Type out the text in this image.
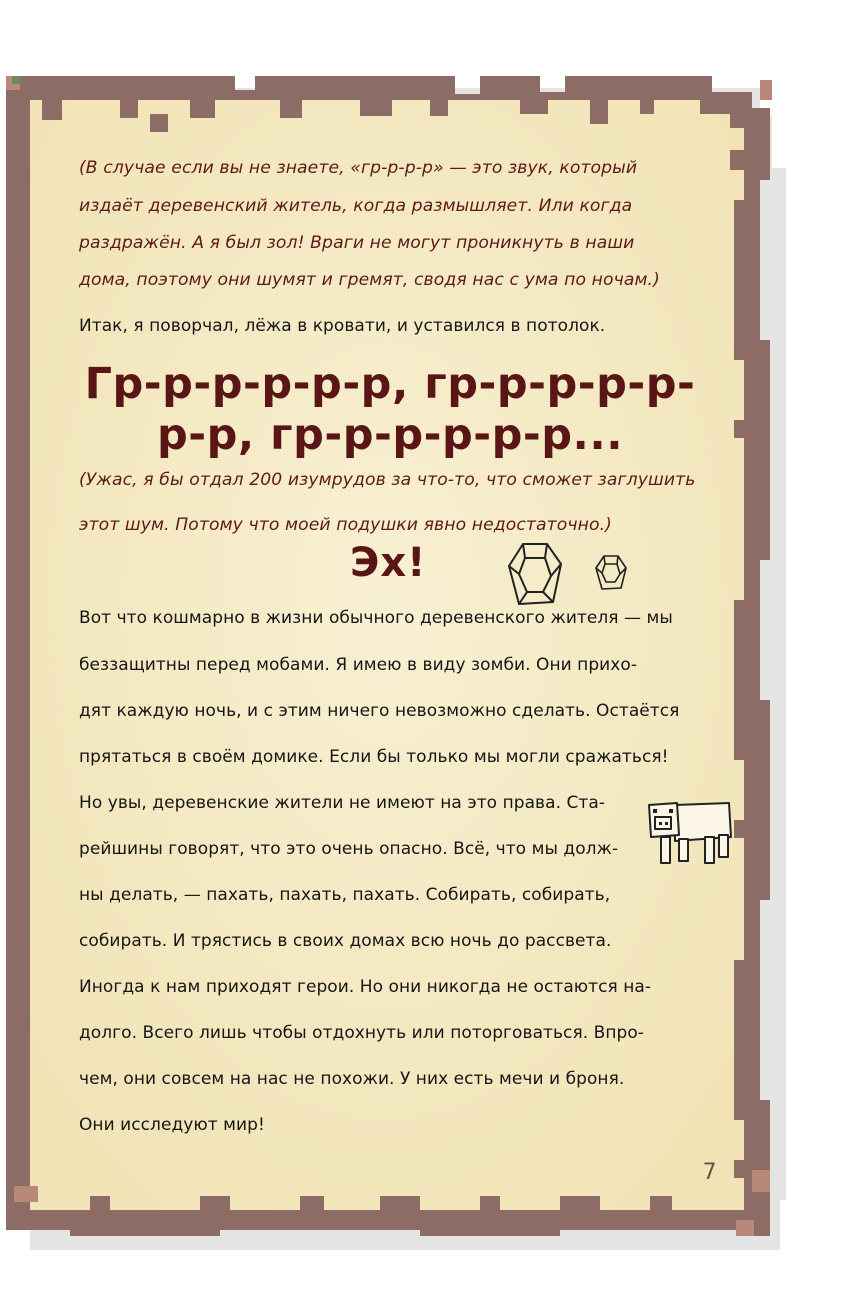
(В случае если вы не знаете, «гр-р-р-р» — это звук, который
издаёт деревенский житель, когда размышляет. Или когда
раздражён. А я был зол! Враги не могут проникнуть в наши
дома, поэтому они шумят и гремят, сводя нас с ума по ночам.)
Итак, я поворчал, лёжа в кровати, и уставился в потолок.
Гр-р-р-р-р-р, гр-р-р-р-р-
р-р, гр-р-р-р-р-р...
(Ужас, я бы отдал 200 изумрудов за что-то, что сможет заглушить
этот шум. Потому что моей подушки явно недостаточно.)
Эх!
Вот что кошмарно в жизни обычного деревенского жителя — мы
беззащитны перед мобами. Я имею в виду зомби. Они прихо-
дят каждую ночь, и с этим ничего невозможно сделать. Остаётся
прятаться в своём домике. Если бы только мы могли сражаться!
Но увы, деревенские жители не имеют на это права. Ста-
рейшины говорят, что это очень опасно. Всё, что мы долж-
ны делать, — пахать, пахать, пахать. Собирать, собирать,
собирать. И трястись в своих домах всю ночь до рассвета.
Иногда к нам приходят герои. Но они никогда не остаются на-
долго. Всего лишь чтобы отдохнуть или поторговаться. Впро-
чем, они совсем на нас не похожи. У них есть мечи и броня.
Они исследуют мир!
7
